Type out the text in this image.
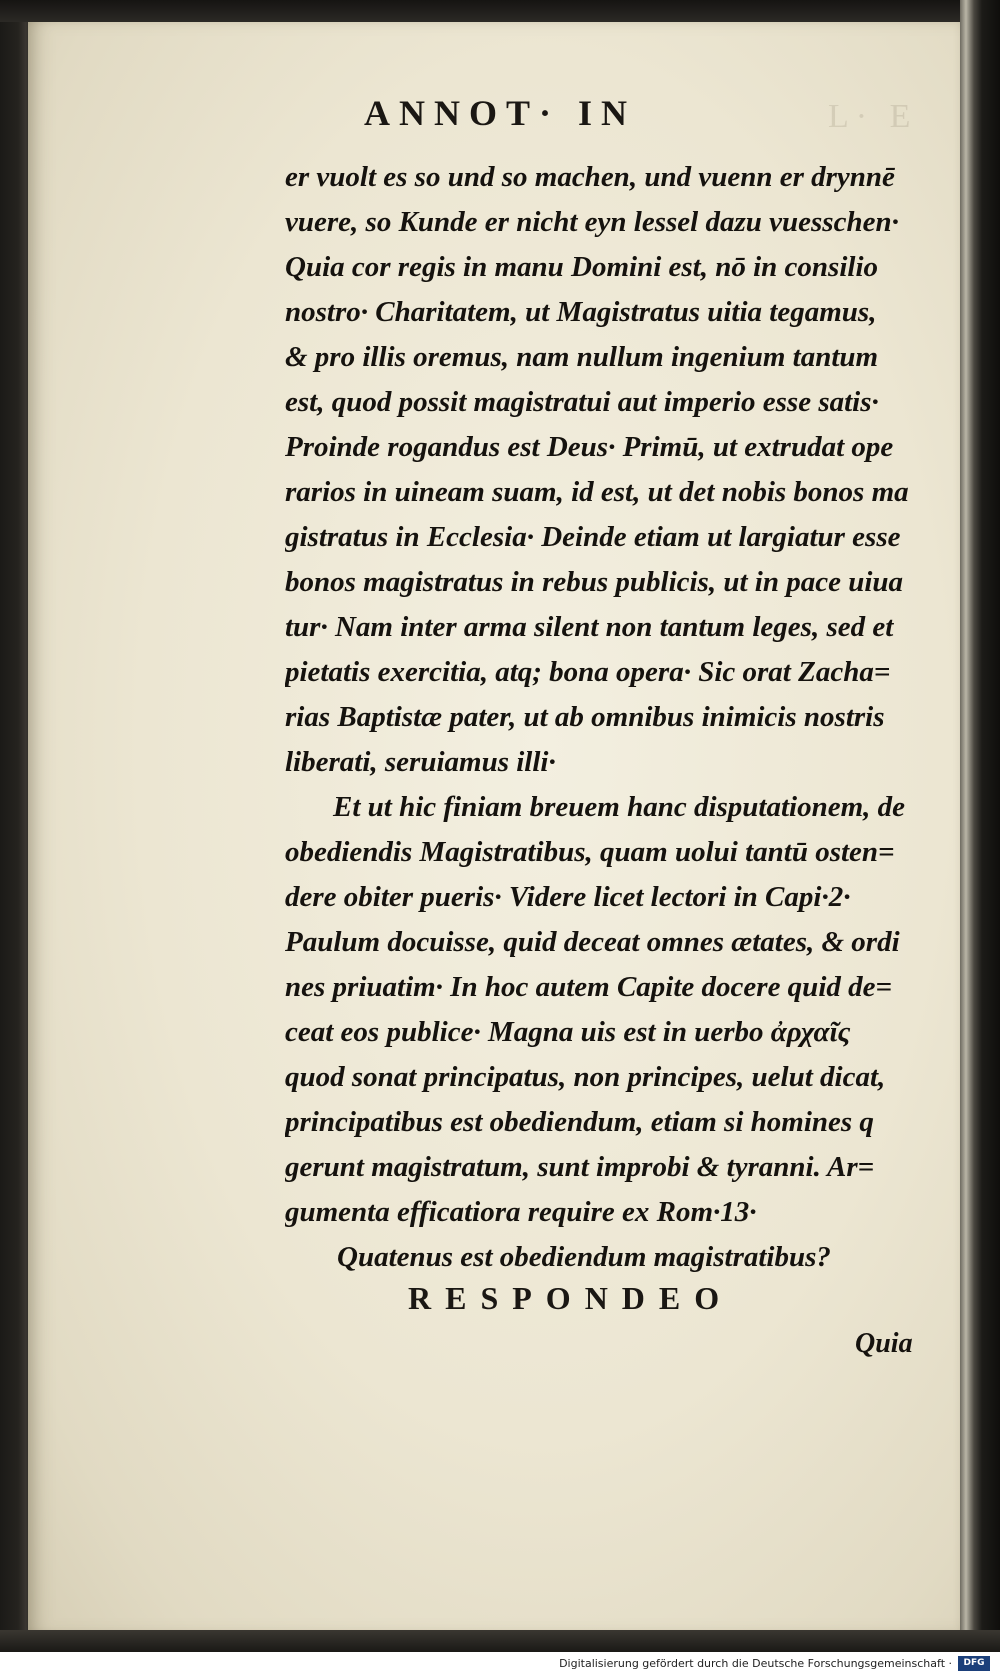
L· E
ANNOT· IN
er vuolt es so und so machen, und vuenn er drynnē
vuere, so Kunde er nicht eyn lessel dazu vuesschen·
Quia cor regis in manu Domini est, nō in consilio
nostro· Charitatem, ut Magistratus uitia tegamus,
& pro illis oremus, nam nullum ingenium tantum
est, quod possit magistratui aut imperio esse satis·
Proinde rogandus est Deus· Primū, ut extrudat ope
rarios in uineam suam, id est, ut det nobis bonos ma
gistratus in Ecclesia· Deinde etiam ut largiatur esse
bonos magistratus in rebus publicis, ut in pace uiua
tur· Nam inter arma silent non tantum leges, sed et
pietatis exercitia, atq; bona opera· Sic orat Zacha=
rias Baptistæ pater, ut ab omnibus inimicis nostris
liberati, seruiamus illi·
Et ut hic finiam breuem hanc disputationem, de
obediendis Magistratibus, quam uolui tantū osten=
dere obiter pueris· Videre licet lectori in Capi·2·
Paulum docuisse, quid deceat omnes ætates, & ordi
nes priuatim· In hoc autem Capite docere quid de=
ceat eos publice· Magna uis est in uerbo ἀρχαῖς
quod sonat principatus, non principes, uelut dicat,
principatibus est obediendum, etiam si homines q
gerunt magistratum, sunt improbi & tyranni. Ar=
gumenta efficatiora require ex Rom·13·
Quatenus est obediendum magistratibus?
RESPONDEO
Quia
Digitalisierung gefördert durch die Deutsche Forschungsgemeinschaft ·	DFG
